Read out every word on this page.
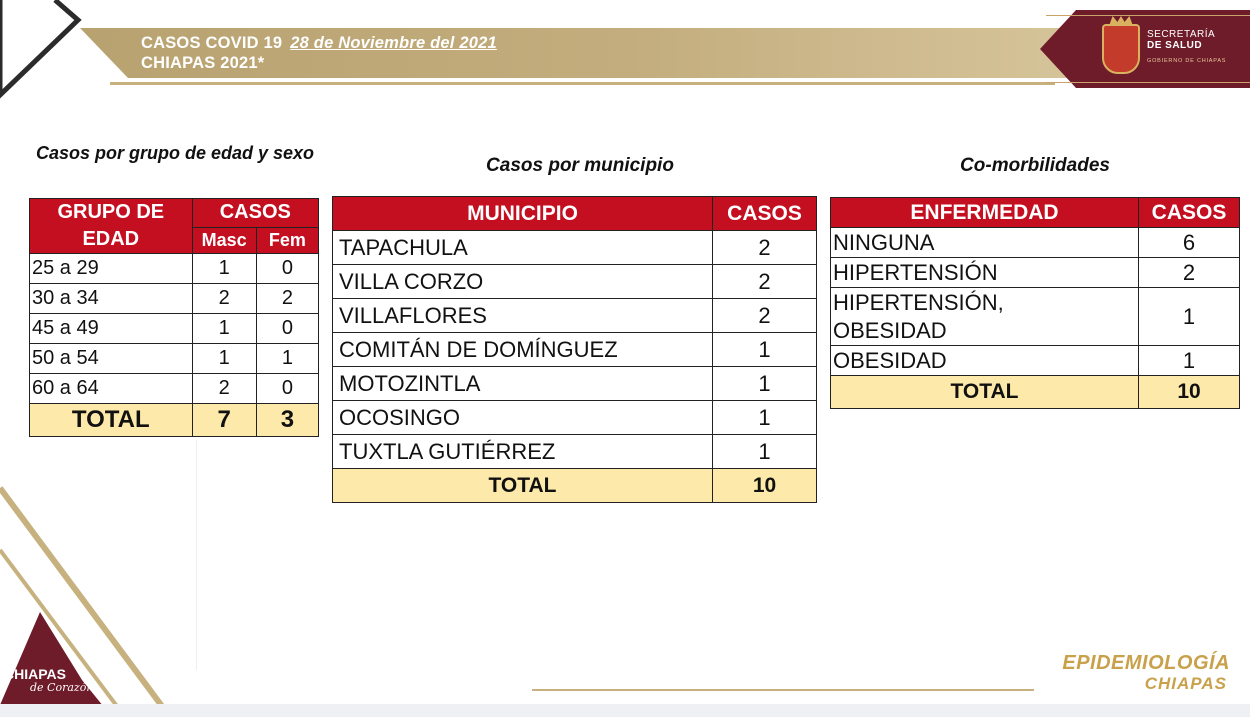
CASOS COVID 19 28 de Noviembre del 2021
CHIAPAS 2021*
SECRETARÍA
DE SALUD
GOBIERNO DE CHIAPAS
Casos por grupo de edad y sexo
Casos por municipio	Co-morbilidades
GRUPO DE EDAD	CASOS	
	Masc	Fem
25 a 29	1	0
30 a 34	2	2
45 a 49	1	0
50 a 54	1	1
60 a 64	2	0
TOTAL	7	3
MUNICIPIO	CASOS
TAPACHULA	2
VILLA CORZO	2
VILLAFLORES	2
COMITÁN DE DOMÍNGUEZ	1
MOTOZINTLA	1
OCOSINGO	1
TUXTLA GUTIÉRREZ	1
TOTAL	10
ENFERMEDAD	CASOS
NINGUNA	6
HIPERTENSIÓN	2

HIPERTENSIÓN,
OBESIDAD	1
OBESIDAD	1
TOTAL	10
CHIAPAS
de Corazón
EPIDEMIOLOGÍA
CHIAPAS
